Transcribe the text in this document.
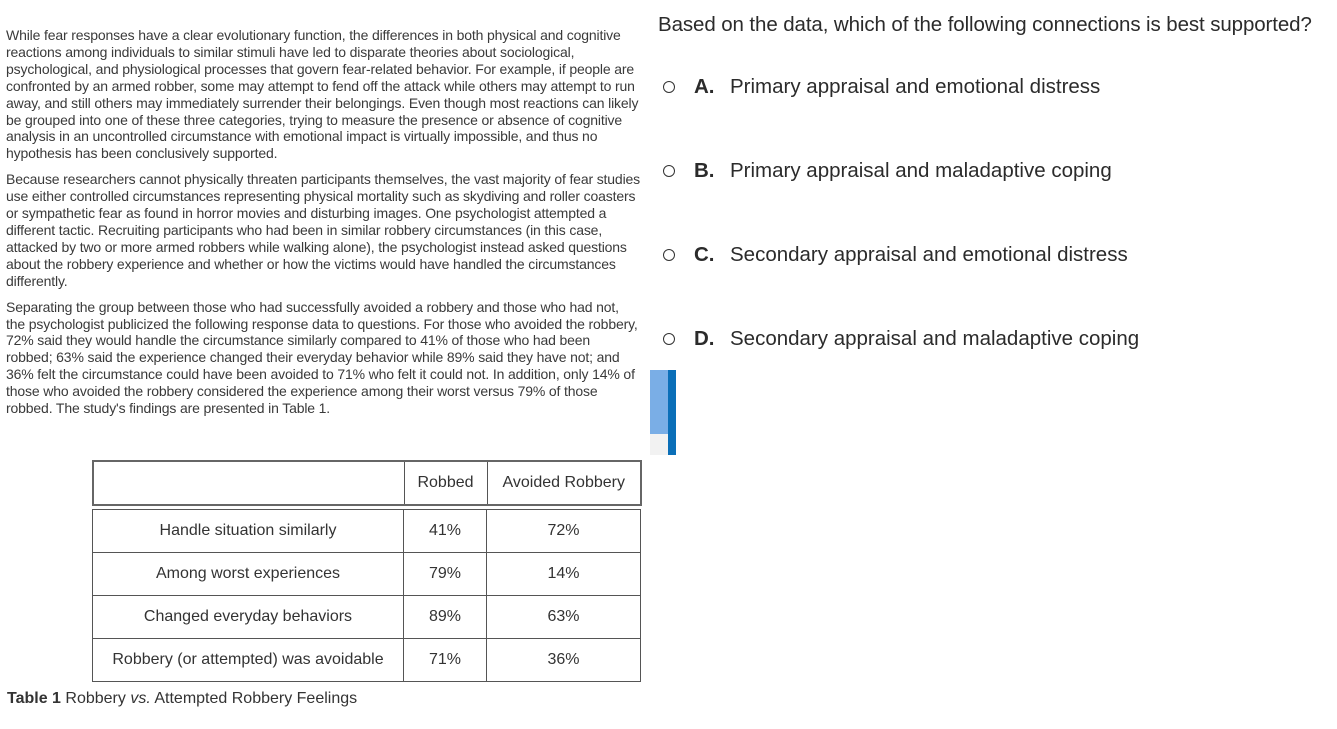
While fear responses have a clear evolutionary function, the differences in both physical and cognitive reactions among individuals to similar stimuli have led to disparate theories about sociological, psychological, and physiological processes that govern fear-related behavior. For example, if people are confronted by an armed robber, some may attempt to fend off the attack while others may attempt to run away, and still others may immediately surrender their belongings. Even though most reactions can likely be grouped into one of these three categories, trying to measure the presence or absence of cognitive analysis in an uncontrolled circumstance with emotional impact is virtually impossible, and thus no hypothesis has been conclusively supported.

Because researchers cannot physically threaten participants themselves, the vast majority of fear studies use either controlled circumstances representing physical mortality such as skydiving and roller coasters or sympathetic fear as found in horror movies and disturbing images. One psychologist attempted a different tactic. Recruiting participants who had been in similar robbery circumstances (in this case, attacked by two or more armed robbers while walking alone), the psychologist instead asked questions about the robbery experience and whether or how the victims would have handled the circumstances differently.

Separating the group between those who had successfully avoided a robbery and those who had not, the psychologist publicized the following response data to questions. For those who avoided the robbery, 72% said they would handle the circumstance similarly compared to 41% of those who had been robbed; 63% said the experience changed their everyday behavior while 89% said they have not; and 36% felt the circumstance could have been avoided to 71% who felt it could not. In addition, only 14% of those who avoided the robbery considered the experience among their worst versus 79% of those robbed. The study's findings are presented in Table 1.

	Robbed	Avoided Robbery
Handle situation similarly	41%	72%
Among worst experiences	79%	14%
Changed everyday behaviors	89%	63%
Robbery (or attempted) was avoidable	71%	36%
Table 1 Robbery vs. Attempted Robbery Feelings
Based on the data, which of the following connections is best supported?
A. Primary appraisal and emotional distress
B. Primary appraisal and maladaptive coping
C. Secondary appraisal and emotional distress
D. Secondary appraisal and maladaptive coping
